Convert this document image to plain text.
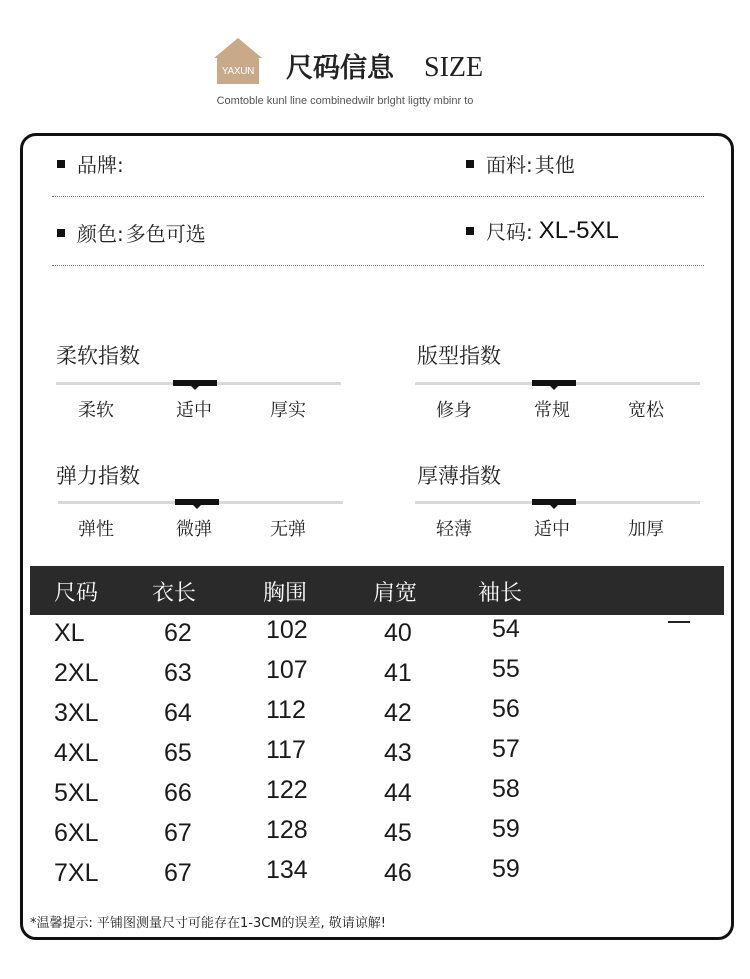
YAXUN 尺码信息 SIZE
Comtoble kunl line combinedwilr brlght ligtty mbinr to
品牌:	面料: 其他
颜色: 多色可选	尺码: XL-5XL
柔软指数
柔软	适中	厚实
版型指数
修身	常规	宽松
弹力指数
弹性	微弹	无弹
厚薄指数
轻薄	适中	加厚
尺码 衣长	胸围	肩宽	袖长
XL	62	102	40	54
2XL	63	107	41	55
3XL	64	112	42	56
4XL	65	117	43	57
5XL	66	122	44	58
6XL	67	128	45	59
7XL	67	134	46	59
*温馨提示: 平铺图测量尺寸可能存在1-3CM的误差, 敬请谅解!
